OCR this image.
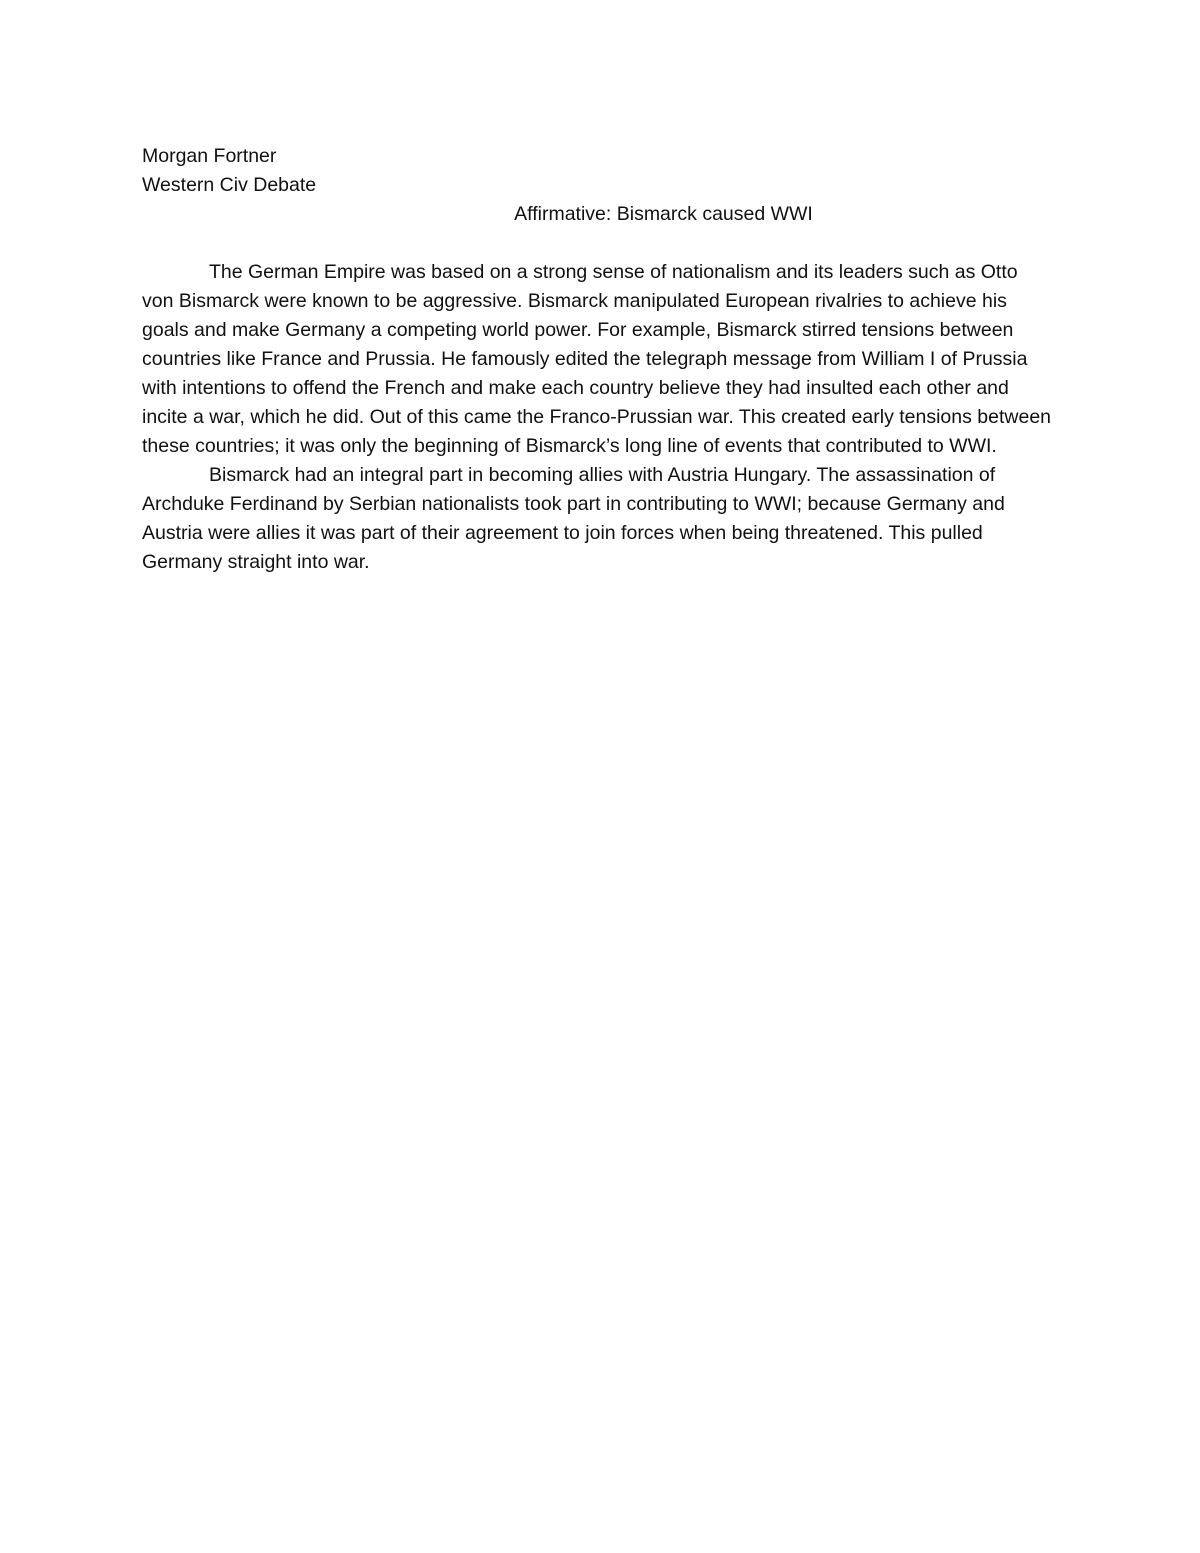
Morgan Fortner
Western Civ Debate
Affirmative: Bismarck caused WWI

The German Empire was based on a strong sense of nationalism and its leaders such as Otto von Bismarck were known to be aggressive. Bismarck manipulated European rivalries to achieve his goals and make Germany a competing world power. For example, Bismarck stirred tensions between countries like France and Prussia. He famously edited the telegraph message from William I of Prussia with intentions to offend the French and make each country believe they had insulted each other and incite a war, which he did. Out of this came the Franco-Prussian war. This created early tensions between these countries; it was only the beginning of Bismarck’s long line of events that contributed to WWI.

Bismarck had an integral part in becoming allies with Austria Hungary. The assassination of Archduke Ferdinand by Serbian nationalists took part in contributing to WWI; because Germany and Austria were allies it was part of their agreement to join forces when being threatened. This pulled Germany straight into war.
